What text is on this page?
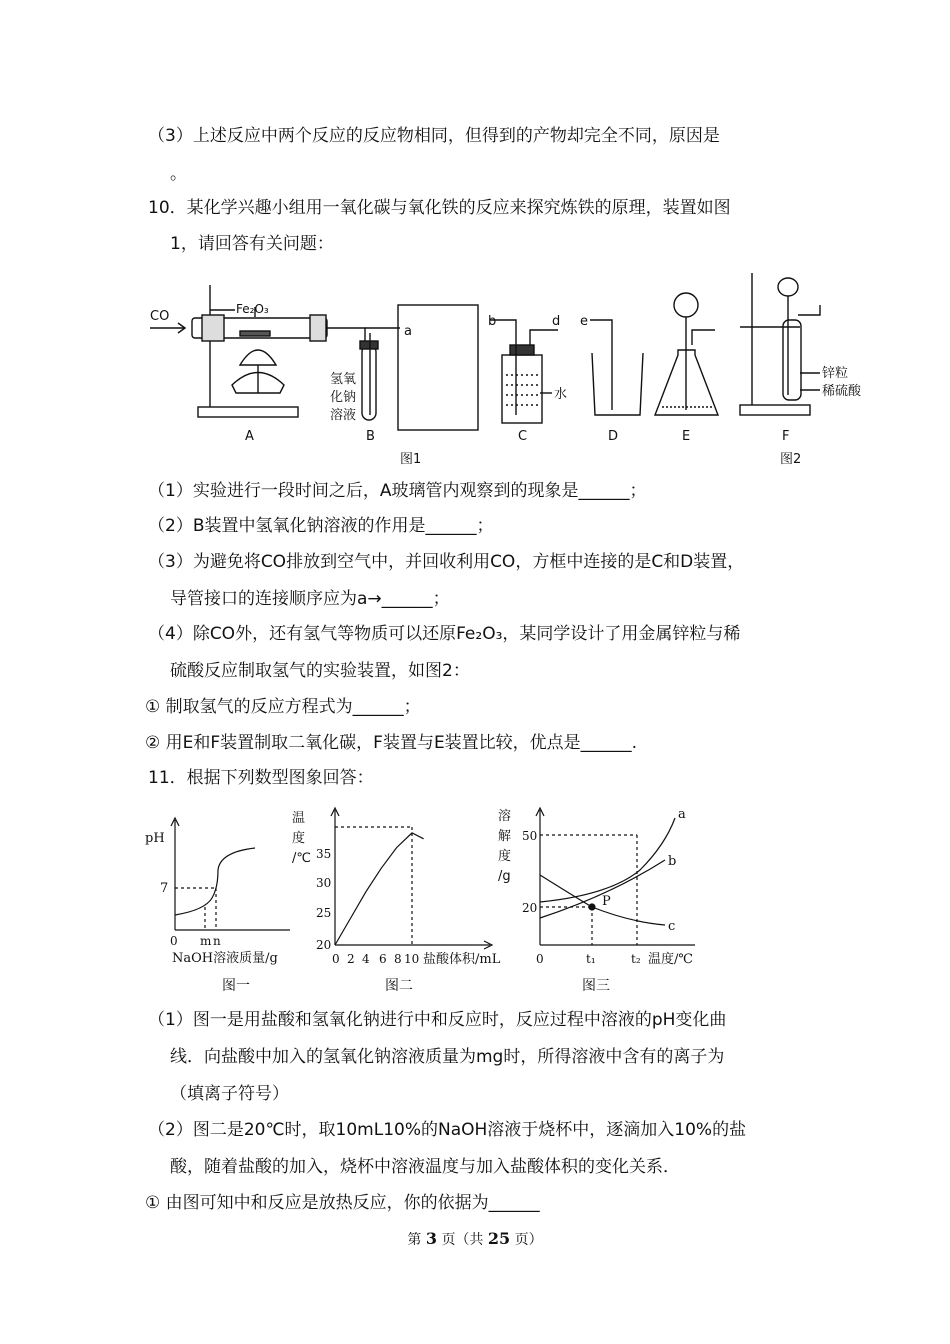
（3）上述反应中两个反应的反应物相同，但得到的产物却完全不同，原因是
。
10．某化学兴趣小组用一氧化碳与氧化铁的反应来探究炼铁的原理，装置如图
1，请回答有关问题：
CO	Fe₂O₃
a
b	d e
氢氧
化钠
溶液
水
锌粒
稀硫酸
A	B	C	D	E	F
图1	图2
（1）实验进行一段时间之后，A玻璃管内观察到的现象是______；
（2）B装置中氢氧化钠溶液的作用是______；
（3）为避免将CO排放到空气中，并回收利用CO，方框中连接的是C和D装置，
导管接口的连接顺序应为a→______；
（4）除CO外，还有氢气等物质可以还原Fe₂O₃，某同学设计了用金属锌粒与稀
硫酸反应制取氢气的实验装置，如图2：
① 制取氢气的反应方程式为______；
② 用E和F装置制取二氧化碳，F装置与E装置比较，优点是______.
11．根据下列数型图象回答：
pH
7
0 m n
NaOH溶液质量/g
图一
温
度
/℃ 35
30
25
20
0 2 4 6 8 10 盐酸体积/mL
图二
溶
解
度
/g
50
20
0	t₁	t₂ 温度/℃
a
b
c
P
图三
（1）图一是用盐酸和氢氧化钠进行中和反应时，反应过程中溶液的pH变化曲
线．向盐酸中加入的氢氧化钠溶液质量为mg时，所得溶液中含有的离子为
（填离子符号）
（2）图二是20℃时，取10mL10%的NaOH溶液于烧杯中，逐滴加入10%的盐
酸，随着盐酸的加入，烧杯中溶液温度与加入盐酸体积的变化关系．
① 由图可知中和反应是放热反应，你的依据为______
第 3 页（共 25 页）
